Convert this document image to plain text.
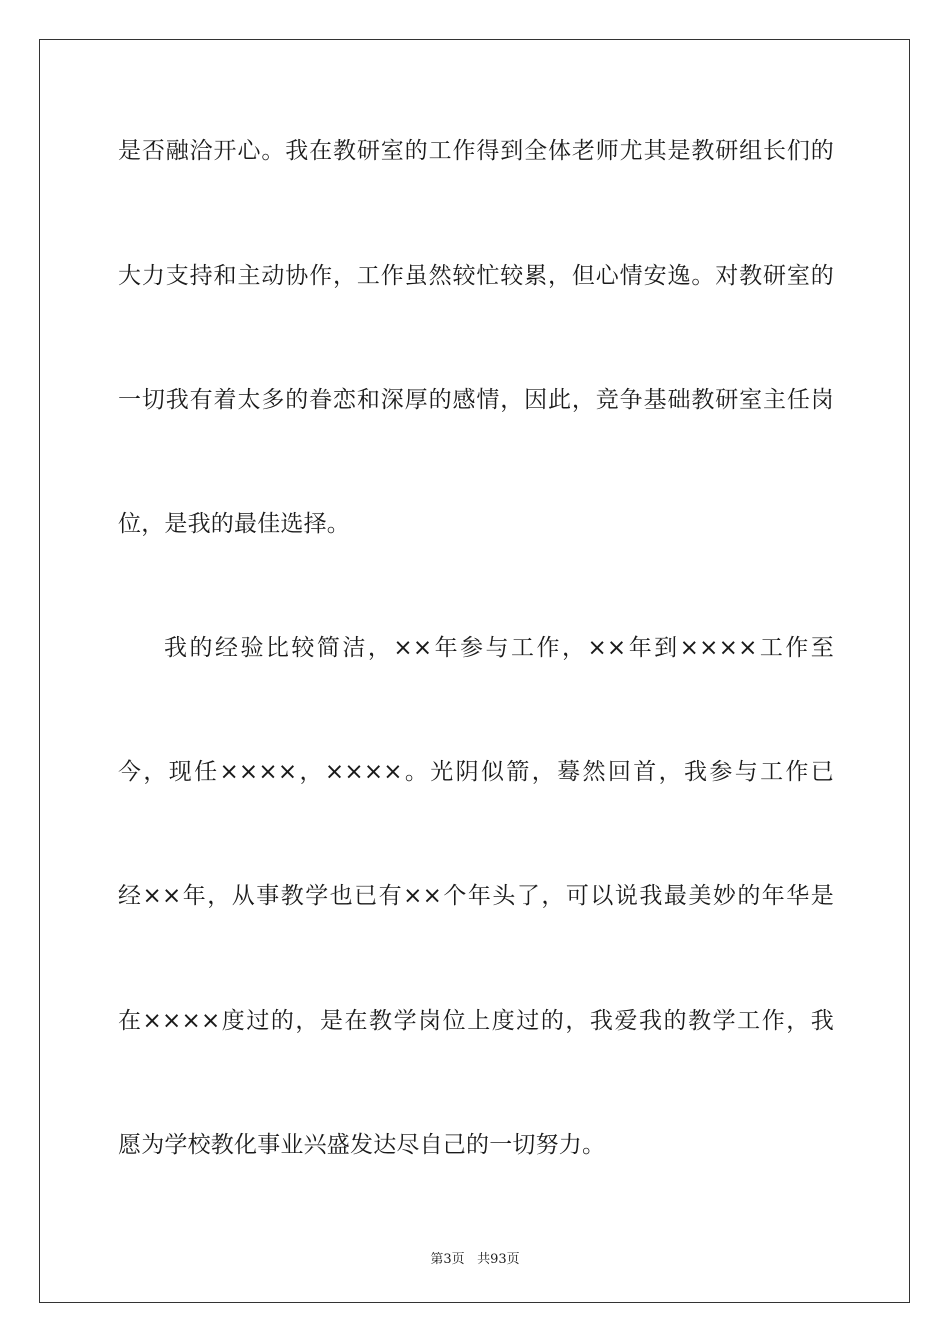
是否融洽开心。我在教研室的工作得到全体老师尤其是教研组长们的
大力支持和主动协作，工作虽然较忙较累，但心情安逸。对教研室的
一切我有着太多的眷恋和深厚的感情，因此，竞争基础教研室主任岗
位，是我的最佳选择。
我的经验比较简洁，××年参与工作，××年到××××工作至
今，现任××××，××××。光阴似箭，蓦然回首，我参与工作已
经××年，从事教学也已有××个年头了，可以说我最美妙的年华是
在××××度过的，是在教学岗位上度过的，我爱我的教学工作，我
愿为学校教化事业兴盛发达尽自己的一切努力。
第3页 共93页
